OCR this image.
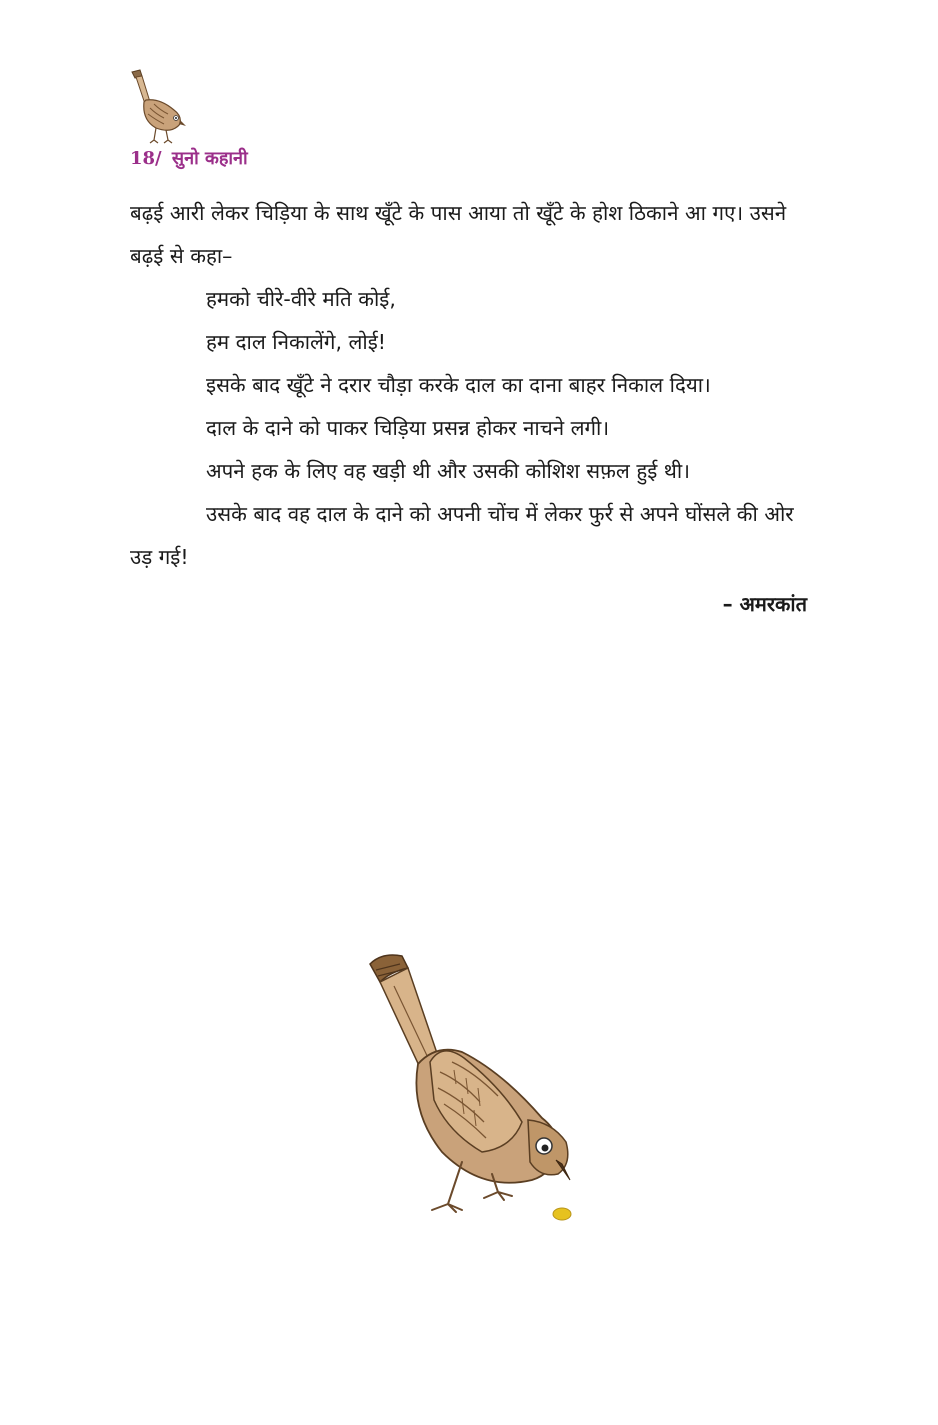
18/ सुनो कहानी

बढ़ई आरी लेकर चिड़िया के साथ खूँटे के पास आया तो खूँटे के होश ठिकाने आ गए। उसने बढ़ई से कहा–

हमको चीरे-वीरे मति कोई,

हम दाल निकालेंगे, लोई!

इसके बाद खूँटे ने दरार चौड़ा करके दाल का दाना बाहर निकाल दिया।

दाल के दाने को पाकर चिड़िया प्रसन्न होकर नाचने लगी।

अपने हक के लिए वह खड़ी थी और उसकी कोशिश सफ़ल हुई थी।

उसके बाद वह दाल के दाने को अपनी चोंच में लेकर फुर्र से अपने घोंसले की ओर उड़ गई!

– अमरकांत
